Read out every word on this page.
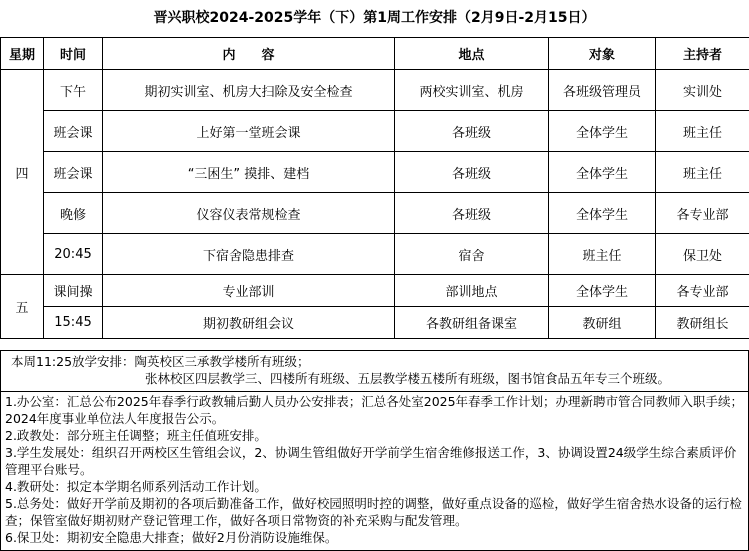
晋兴职校2024-2025学年（下）第1周工作安排（2月9日-2月15日）
星期	时间	内　　容	地点	对象	主持者
四	下午	期初实训室、机房大扫除及安全检查	两校实训室、机房	各班级管理员	实训处
	班会课	上好第一堂班会课	各班级	全体学生	班主任
	班会课	“三困生” 摸排、建档	各班级	全体学生	班主任
	晚修	仪容仪表常规检查	各班级	全体学生	各专业部
	20:45	下宿舍隐患排查	宿舍	班主任	保卫处
五	课间操	专业部训	部训地点	全体学生	各专业部
	15:45	期初教研组会议	各教研组备课室	教研组	教研组长
本周11:25放学安排：陶英校区三承教学楼所有班级；
张林校区四层教学三、四楼所有班级、五层教学楼五楼所有班级，图书馆食品五年专三个班级。
1.办公室：汇总公布2025年春季行政教辅后勤人员办公安排表；汇总各处室2025年春季工作计划；办理新聘市管合同教师入职手续；2024年度事业单位法人年度报告公示。
2.政教处：部分班主任调整；班主任值班安排。
3.学生发展处：组织召开两校区生管组会议，2、协调生管组做好开学前学生宿舍维修报送工作，3、协调设置24级学生综合素质评价管理平台账号。
4.教研处：拟定本学期名师系列活动工作计划。
5.总务处：做好开学前及期初的各项后勤准备工作，做好校园照明时控的调整，做好重点设备的巡检，做好学生宿舍热水设备的运行检查；保管室做好期初财产登记管理工作，做好各项日常物资的补充采购与配发管理。
6.保卫处：期初安全隐患大排查；做好2月份消防设施维保。
